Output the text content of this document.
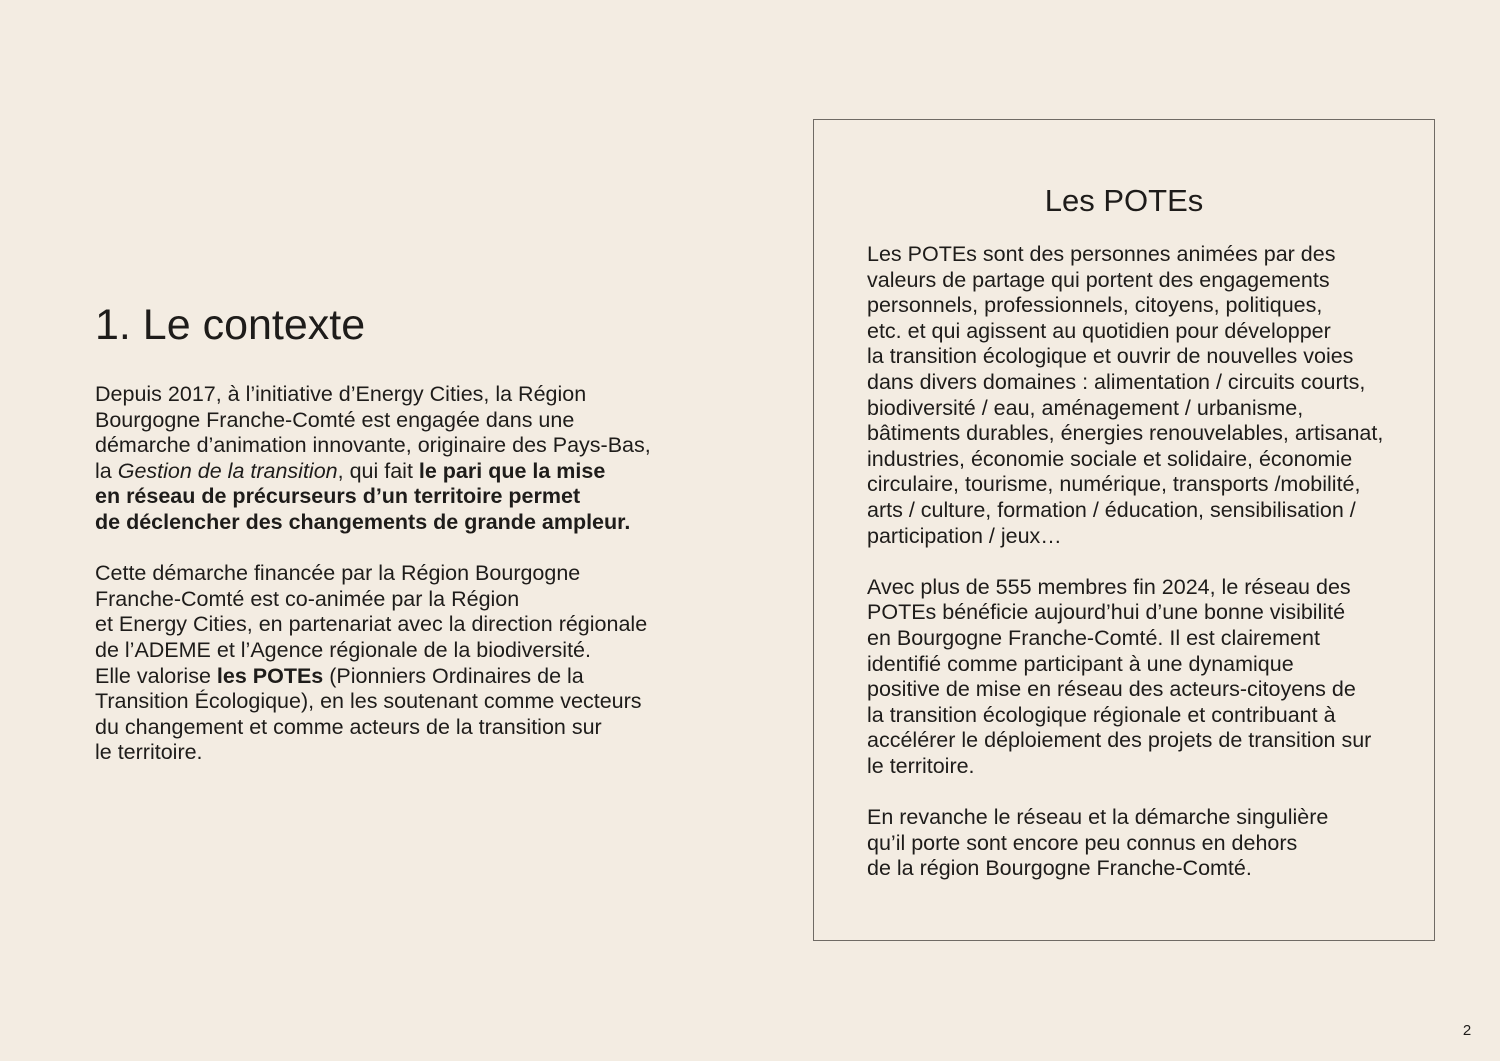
1. Le contexte

Depuis 2017, à l’initiative d’Energy Cities, la Région
Bourgogne Franche-Comté est engagée dans une
démarche d’animation innovante, originaire des Pays-Bas,
la Gestion de la transition, qui fait le pari que la mise
en réseau de précurseurs d’un territoire permet
de déclencher des changements de grande ampleur.

Cette démarche financée par la Région Bourgogne
Franche-Comté est co-animée par la Région
et Energy Cities, en partenariat avec la direction régionale
de l’ADEME et l’Agence régionale de la biodiversité.
Elle valorise les POTEs (Pionniers Ordinaires de la
Transition Écologique), en les soutenant comme vecteurs
du changement et comme acteurs de la transition sur
le territoire.

Les POTEs

Les POTEs sont des personnes animées par des
valeurs de partage qui portent des engagements
personnels, professionnels, citoyens, politiques,
etc. et qui agissent au quotidien pour développer
la transition écologique et ouvrir de nouvelles voies
dans divers domaines : alimentation / circuits courts,
biodiversité / eau, aménagement / urbanisme,
bâtiments durables, énergies renouvelables, artisanat,
industries, économie sociale et solidaire, économie
circulaire, tourisme, numérique, transports /mobilité,
arts / culture, formation / éducation, sensibilisation /
participation / jeux…

Avec plus de 555 membres fin 2024, le réseau des
POTEs bénéficie aujourd’hui d’une bonne visibilité
en Bourgogne Franche-Comté. Il est clairement
identifié comme participant à une dynamique
positive de mise en réseau des acteurs-citoyens de
la transition écologique régionale et contribuant à
accélérer le déploiement des projets de transition sur
le territoire.

En revanche le réseau et la démarche singulière
qu’il porte sont encore peu connus en dehors
de la région Bourgogne Franche-Comté.

2
